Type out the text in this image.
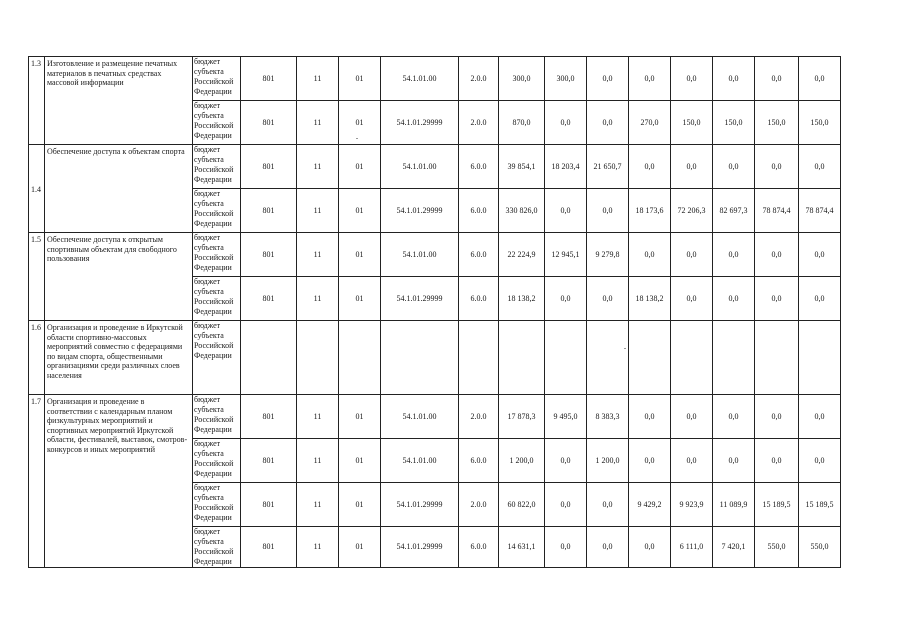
1.3	Изготовление и размещение печатных материалов в печатных средствах массовой информации	бюджет субъекта Российской Федерации	801	11	01	54.1.01.00	2.0.0	300,0	300,0	0,0	0,0	0,0	0,0	0,0	0,0
		бюджет субъекта Российской Федерации	801	11	01	54.1.01.29999	2.0.0	870,0	0,0	0,0	270,0	150,0	150,0	150,0	150,0
1.4	Обеспечение доступа к объектам спорта	бюджет субъекта Российской Федерации	801	11	01	54.1.01.00	6.0.0	39 854,1	18 203,4	21 650,7	0,0	0,0	0,0	0,0	0,0
		бюджет субъекта Российской Федерации	801	11	01	54.1.01.29999	6.0.0	330 826,0	0,0	0,0	18 173,6	72 206,3	82 697,3	78 874,4	78 874,4
1.5	Обеспечение доступа к открытым спортивным объектам для свободного пользования	бюджет субъекта Российской Федерации	801	11	01	54.1.01.00	6.0.0	22 224,9	12 945,1	9 279,8	0,0	0,0	0,0	0,0	0,0
		бюджет субъекта Российской Федерации	801	11	01	54.1.01.29999	6.0.0	18 138,2	0,0	0,0	18 138,2	0,0	0,0	0,0	0,0
1.6	Организация и проведение в Иркутской области спортивно-массовых мероприятий совместно с федерациями по видам спорта, общественными организациями среди различных слоев населения	бюджет субъекта Российской Федерации													
1.7	Организация и проведение в соответствии с календарным планом физкультурных мероприятий и спортивных мероприятий Иркутской области, фестивалей, выставок, смотров-конкурсов и иных мероприятий	бюджет субъекта Российской Федерации	801	11	01	54.1.01.00	2.0.0	17 878,3	9 495,0	8 383,3	0,0	0,0	0,0	0,0	0,0
		бюджет субъекта Российской Федерации	801	11	01	54.1.01.00	6.0.0	1 200,0	0,0	1 200,0	0,0	0,0	0,0	0,0	0,0
		бюджет субъекта Российской Федерации	801	11	01	54.1.01.29999	2.0.0	60 822,0	0,0	0,0	9 429,2	9 923,9	11 089,9	15 189,5	15 189,5
		бюджет субъекта Российской Федерации	801	11	01	54.1.01.29999	6.0.0	14 631,1	0,0	0,0	0,0	6 111,0	7 420,1	550,0	550,0
